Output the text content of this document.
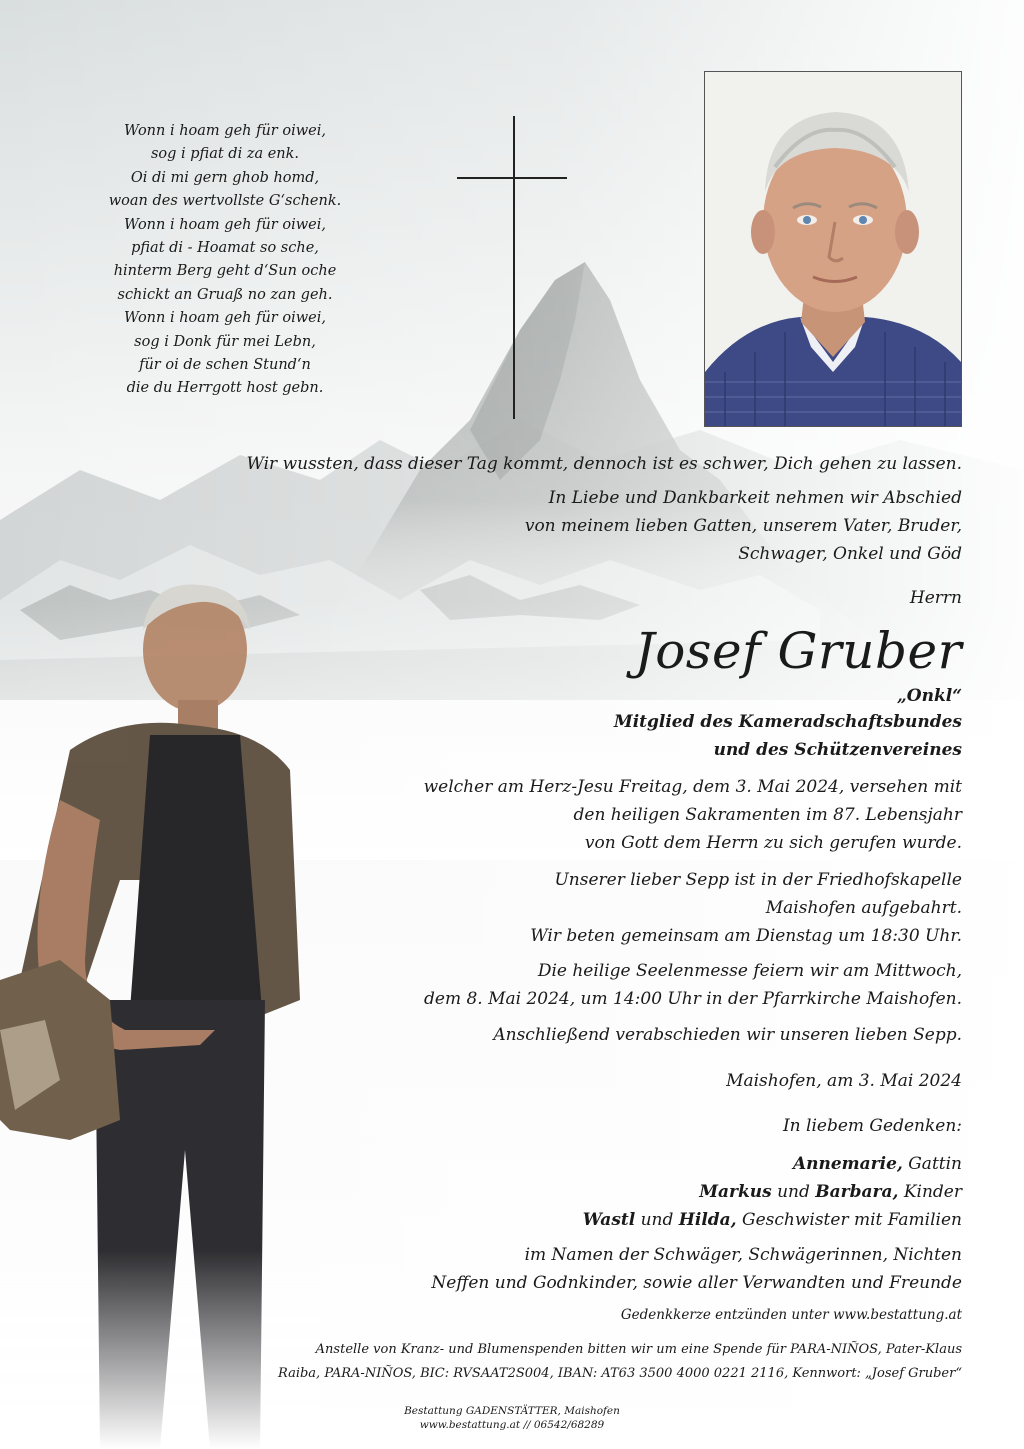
Wonn i hoam geh für oiwei,
sog i pfiat di za enk.
Oi di mi gern ghob homd,
woan des wertvollste G‘schenk.
Wonn i hoam geh für oiwei,
pfiat di - Hoamat so sche,
hinterm Berg geht d‘Sun oche
schickt an Gruaß no zan geh.
Wonn i hoam geh für oiwei,
sog i Donk für mei Lebn,
für oi de schen Stund‘n
die du Herrgott host gebn.
Wir wussten, dass dieser Tag kommt, dennoch ist es schwer, Dich gehen zu lassen.
In Liebe und Dankbarkeit nehmen wir Abschied
von meinem lieben Gatten, unserem Vater, Bruder,
Schwager, Onkel und Göd
Herrn
Josef Gruber
„Onkl“
Mitglied des Kameradschaftsbundes
und des Schützenvereines
welcher am Herz-Jesu Freitag, dem 3. Mai 2024, versehen mit
den heiligen Sakramenten im 87. Lebensjahr
von Gott dem Herrn zu sich gerufen wurde.
Unserer lieber Sepp ist in der Friedhofskapelle
Maishofen aufgebahrt.
Wir beten gemeinsam am Dienstag um 18:30 Uhr.
Die heilige Seelenmesse feiern wir am Mittwoch,
dem 8. Mai 2024, um 14:00 Uhr in der Pfarrkirche Maishofen.
Anschließend verabschieden wir unseren lieben Sepp.
Maishofen, am 3. Mai 2024
In liebem Gedenken:
Annemarie, Gattin
Markus und Barbara, Kinder
Wastl und Hilda, Geschwister mit Familien
im Namen der Schwäger, Schwägerinnen, Nichten
Neffen und Godnkinder, sowie aller Verwandten und Freunde
Gedenkkerze entzünden unter www.bestattung.at
Anstelle von Kranz- und Blumenspenden bitten wir um eine Spende für PARA-NIÑOS, Pater-Klaus
Raiba, PARA-NIÑOS, BIC: RVSAAT2S004, IBAN: AT63 3500 4000 0221 2116, Kennwort: „Josef Gruber“
Bestattung GADENSTÄTTER, Maishofen
www.bestattung.at // 06542/68289
